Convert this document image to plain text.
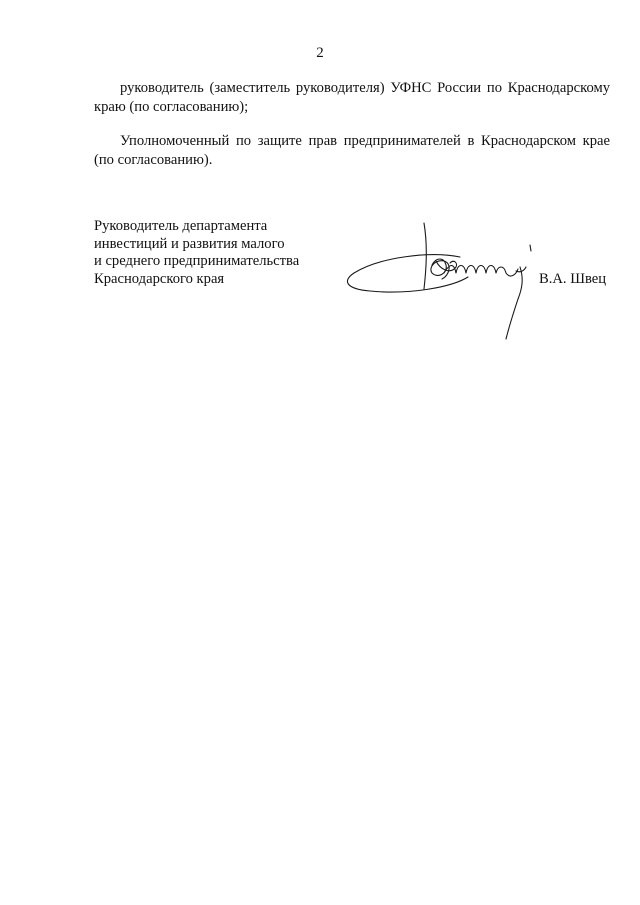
2

руководитель (заместитель руководителя) УФНС России по Краснодарскому краю (по согласованию);

Уполномоченный по защите прав предпринимателей в Краснодарском крае (по согласованию).

Руководитель департамента
инвестиций и развития малого
и среднего предпринимательства
Краснодарского края	В.А. Швец
